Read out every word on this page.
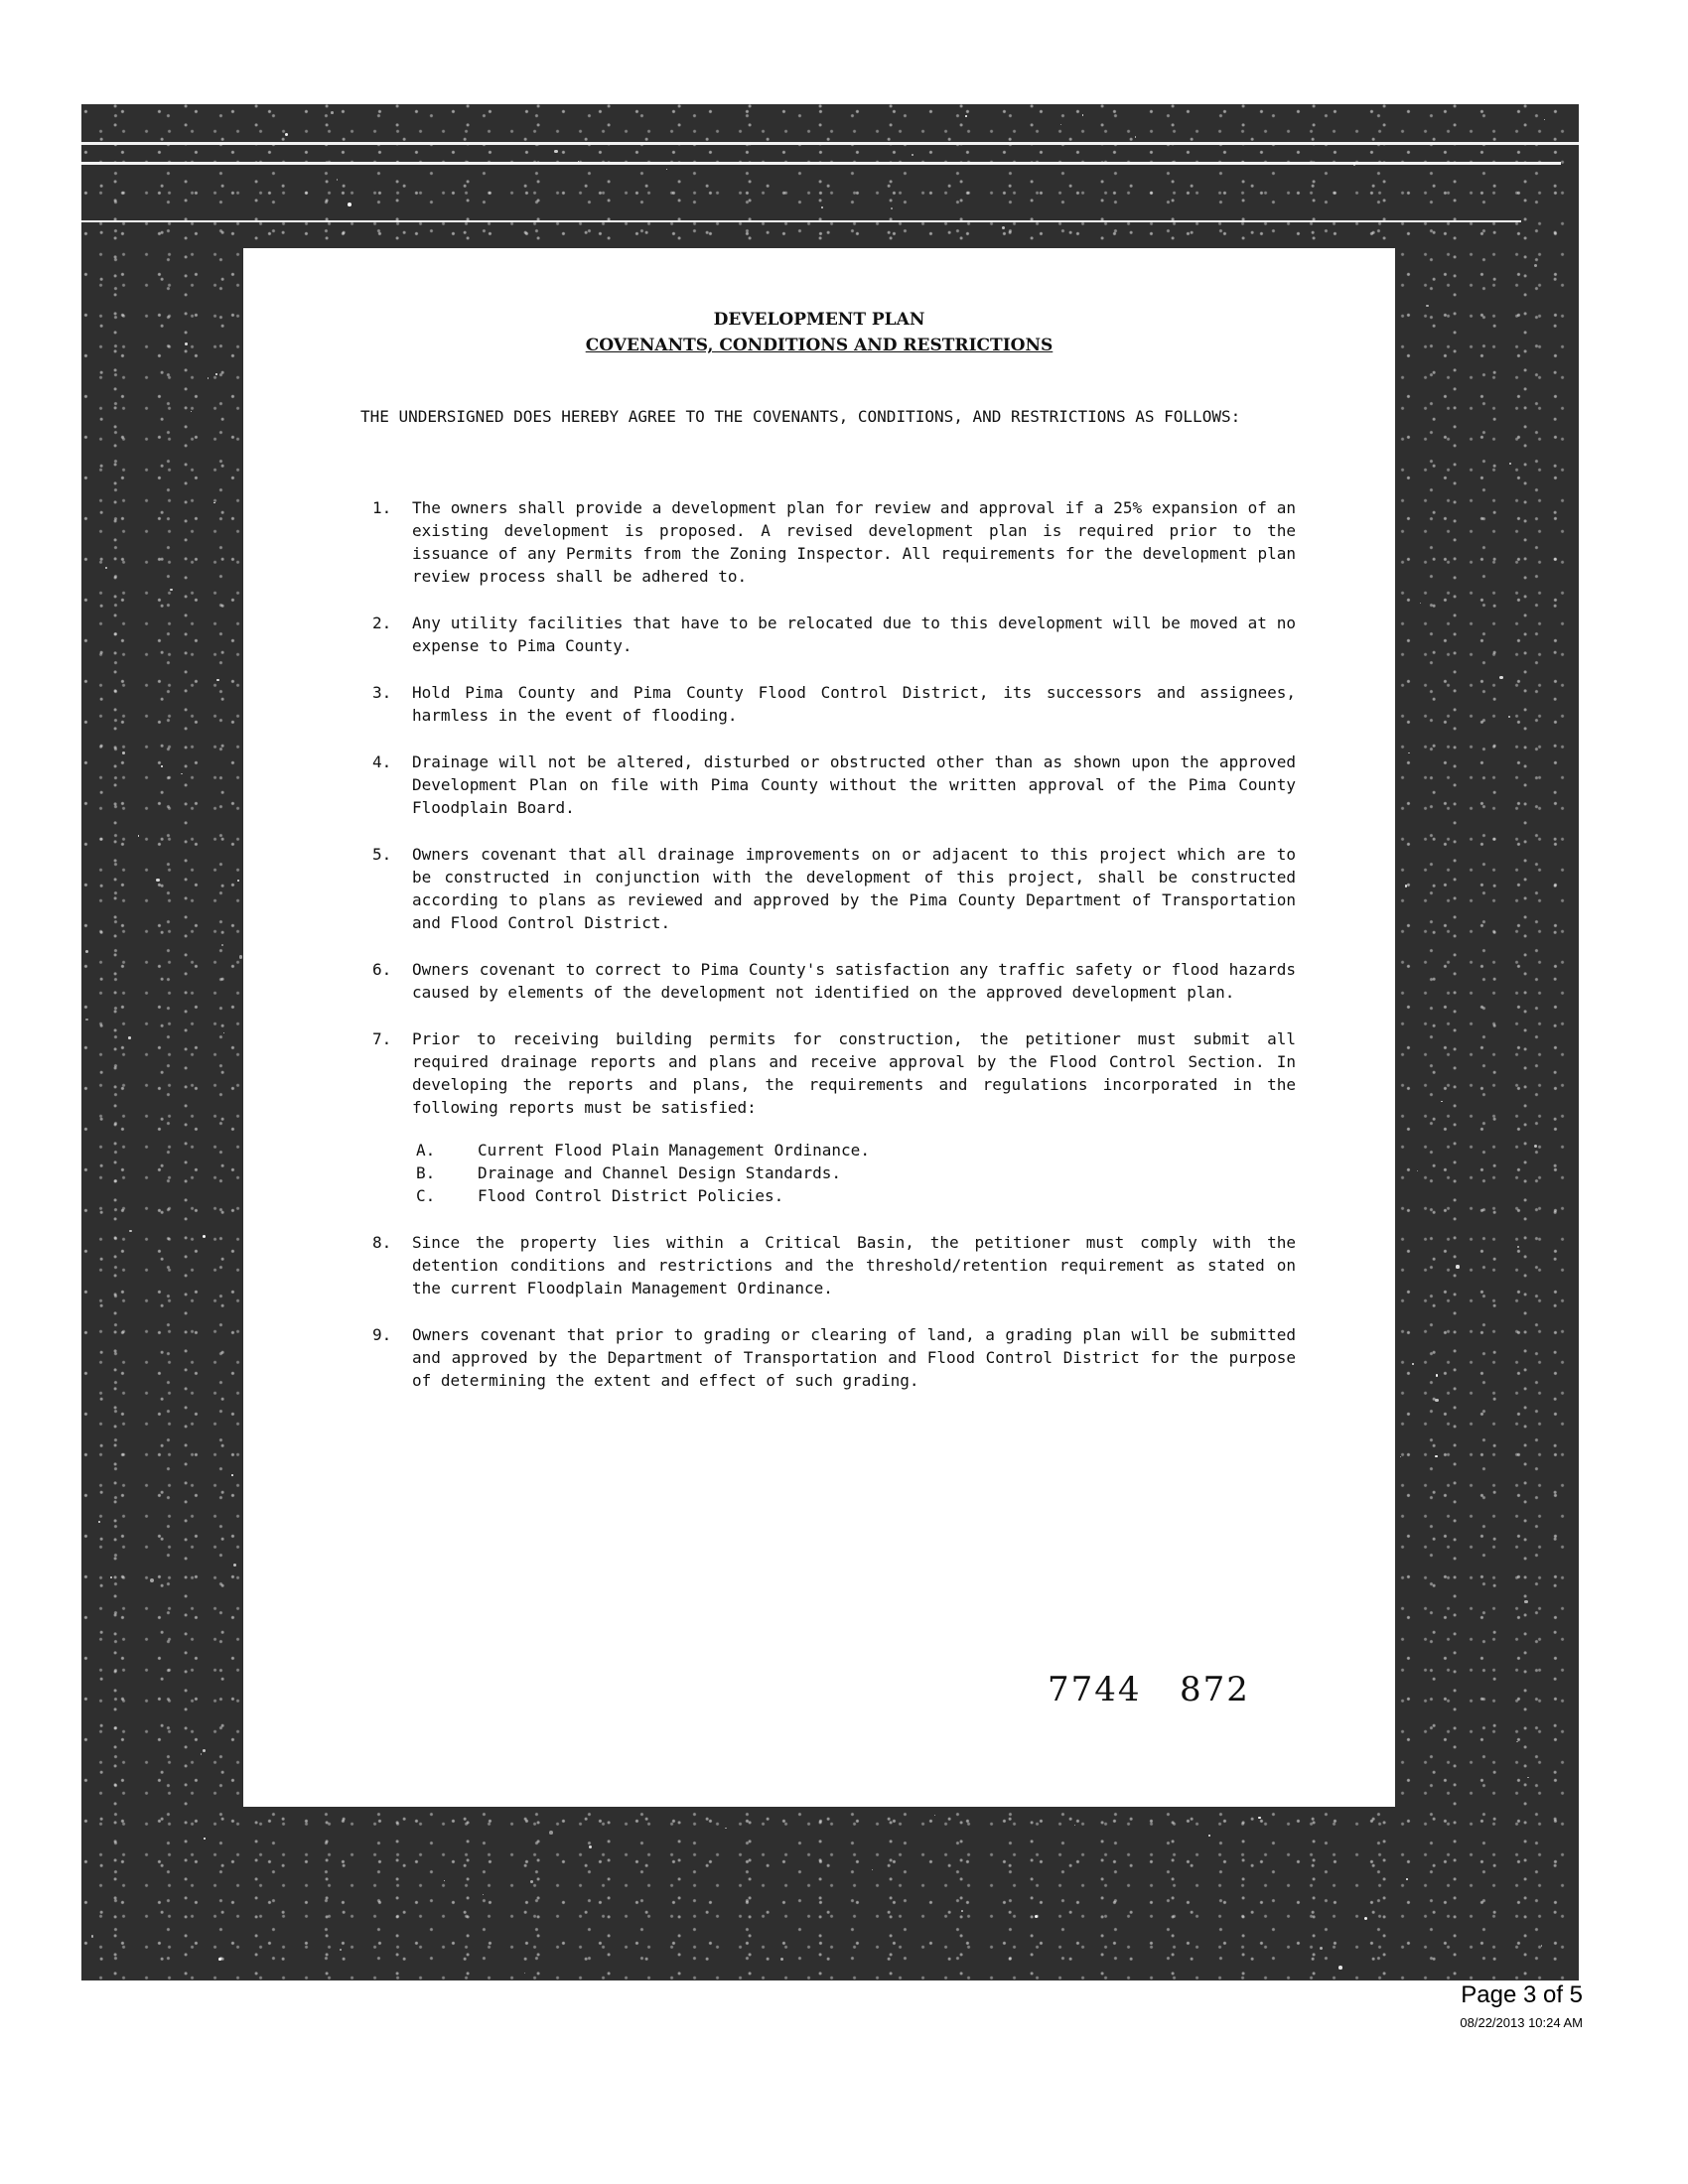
DEVELOPMENT PLAN
COVENANTS, CONDITIONS AND RESTRICTIONS
THE UNDERSIGNED DOES HEREBY AGREE TO THE COVENANTS, CONDITIONS, AND RESTRICTIONS AS FOLLOWS:
1.	The owners shall provide a development plan for review and approval if a 25% expansion of an existing development is proposed. A revised development plan is required prior to the issuance of any Permits from the Zoning Inspector. All requirements for the development plan review process shall be adhered to.
2.	Any utility facilities that have to be relocated due to this development will be moved at no expense to Pima County.
3.	Hold Pima County and Pima County Flood Control District, its successors and assignees, harmless in the event of flooding.
4.	Drainage will not be altered, disturbed or obstructed other than as shown upon the approved Development Plan on file with Pima County without the written approval of the Pima County Floodplain Board.
5.	Owners covenant that all drainage improvements on or adjacent to this project which are to be constructed in conjunction with the development of this project, shall be constructed according to plans as reviewed and approved by the Pima County Department of Transportation and Flood Control District.
6.	Owners covenant to correct to Pima County's satisfaction any traffic safety or flood hazards caused by elements of the development not identified on the approved development plan.
7.	Prior to receiving building permits for construction, the petitioner must submit all required drainage reports and plans and receive approval by the Flood Control Section. In developing the reports and plans, the requirements and regulations incorporated in the following reports must be satisfied:
A.	Current Flood Plain Management Ordinance.
B.	Drainage and Channel Design Standards.
C.	Flood Control District Policies.
8.	Since the property lies within a Critical Basin, the petitioner must comply with the detention conditions and restrictions and the threshold/retention requirement as stated on the current Floodplain Management Ordinance.
9.	Owners covenant that prior to grading or clearing of land, a grading plan will be submitted and approved by the Department of Transportation and Flood Control District for the purpose of determining the extent and effect of such grading.
7744   872
Page 3 of 5
08/22/2013 10:24 AM
